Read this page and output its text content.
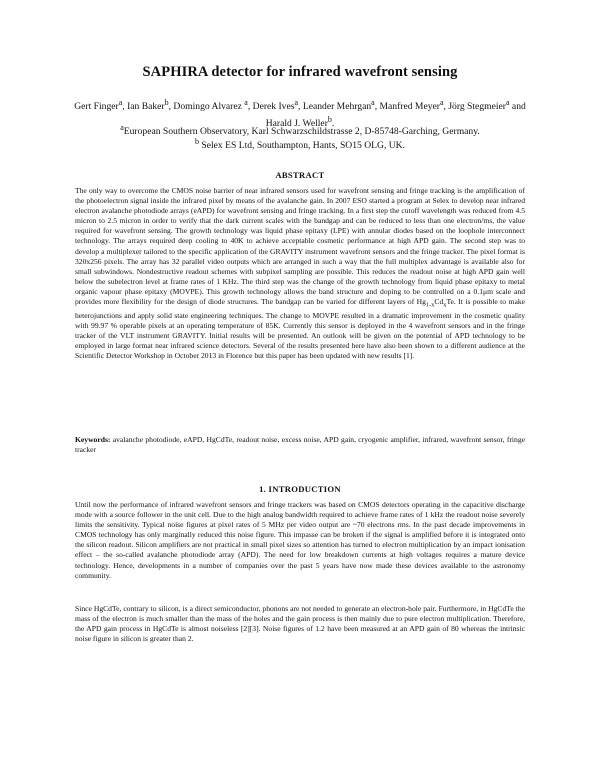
SAPHIRA detector for infrared wavefront sensing
Gert Finger$^a$, Ian Baker$^b$, Domingo Alvarez $^a$, Derek Ives$^a$, Leander Mehrgan$^a$, Manfred Meyer$^a$, Jörg Stegmeier$^a$ and Harald J. Weller$^b$.
$^a$European Southern Observatory, Karl Schwarzschildstrasse 2, D-85748-Garching, Germany.
$^b$ Selex ES Ltd, Southampton, Hants, SO15 OLG, UK.
ABSTRACT

The only way to overcome the CMOS noise barrier of near infrared sensors used for wavefront sensing and fringe tracking is the amplification of the photoelectron signal inside the infrared pixel by means of the avalanche gain. In 2007 ESO started a program at Selex to develop near infrared electron avalanche photodiode arrays (eAPD) for wavefront sensing and fringe tracking. In a first step the cutoff wavelength was reduced from 4.5 micron to 2.5 micron in order to verify that the dark current scales with the bandgap and can be reduced to less than one electron/ms, the value required for wavefront sensing. The growth technology was liquid phase epitaxy (LPE) with annular diodes based on the loophole interconnect technology. The arrays required deep cooling to 40K to achieve acceptable cosmetic performance at high APD gain. The second step was to develop a multiplexer tailored to the specific application of the GRAVITY instrument wavefront sensors and the fringe tracker. The pixel format is 320x256 pixels. The array has 32 parallel video outputs which are arranged in such a way that the full multiplex advantage is available also for small subwindows. Nondestructive readout schemes with subpixel sampling are possible. This reduces the readout noise at high APD gain well below the subelectron level at frame rates of 1 KHz. The third step was the change of the growth technology from liquid phase epitaxy to metal organic vapour phase epitaxy (MOVPE). This growth technology allows the band structure and doping to be controlled on a 0.1μm scale and provides more flexibility for the design of diode structures. The bandgap can be varied for different layers of $Hg_{1-x}Cd_xTe$. It is possible to make heterojunctions and apply solid state engineering techniques. The change to MOVPE resulted in a dramatic improvement in the cosmetic quality with 99.97 % operable pixels at an operating temperature of 85K. Currently this sensor is deployed in the 4 wavefront sensors and in the fringe tracker of the VLT instrument GRAVITY. Initial results will be presented. An outlook will be given on the potential of APD technology to be employed in large format near infrared science detectors. Several of the results presented here have also been shown to a different audience at the Scientific Detector Workshop in October 2013 in Florence but this paper has been updated with new results [1].

Keywords: avalanche photodiode, eAPD, HgCdTe, readout noise, excess noise, APD gain, cryogenic amplifier, infrared, wavefront sensor, fringe tracker

1. INTRODUCTION

Until now the performance of infrared wavefront sensors and fringe trackers was based on CMOS detectors operating in the capacitive discharge mode with a source follower in the unit cell. Due to the high analog bandwidth required to achieve frame rates of 1 kHz the readout noise severely limits the sensitivity. Typical noise figures at pixel rates of 5 MHz per video output are ~70 electrons rms. In the past decade improvements in CMOS technology has only marginally reduced this noise figure. This impasse can be broken if the signal is amplified before it is integrated onto the silicon readout. Silicon amplifiers are not practical in small pixel sizes so attention has turned to electron multiplication by an impact ionisation effect – the so-called avalanche photodiode array (APD). The need for low breakdown currents at high voltages requires a mature device technology. Hence, developments in a number of companies over the past 5 years have now made these devices available to the astronomy community.

Since HgCdTe, contrary to silicon, is a direct semiconductor, phonons are not needed to generate an electron-hole pair. Furthermore, in HgCdTe the mass of the electron is much smaller than the mass of the holes and the gain process is then mainly due to pure electron multiplication. Therefore, the APD gain process in HgCdTe is almost noiseless [2][3]. Noise figures of 1.2 have been measured at an APD gain of 80 whereas the intrinsic noise figure in silicon is greater than 2.
